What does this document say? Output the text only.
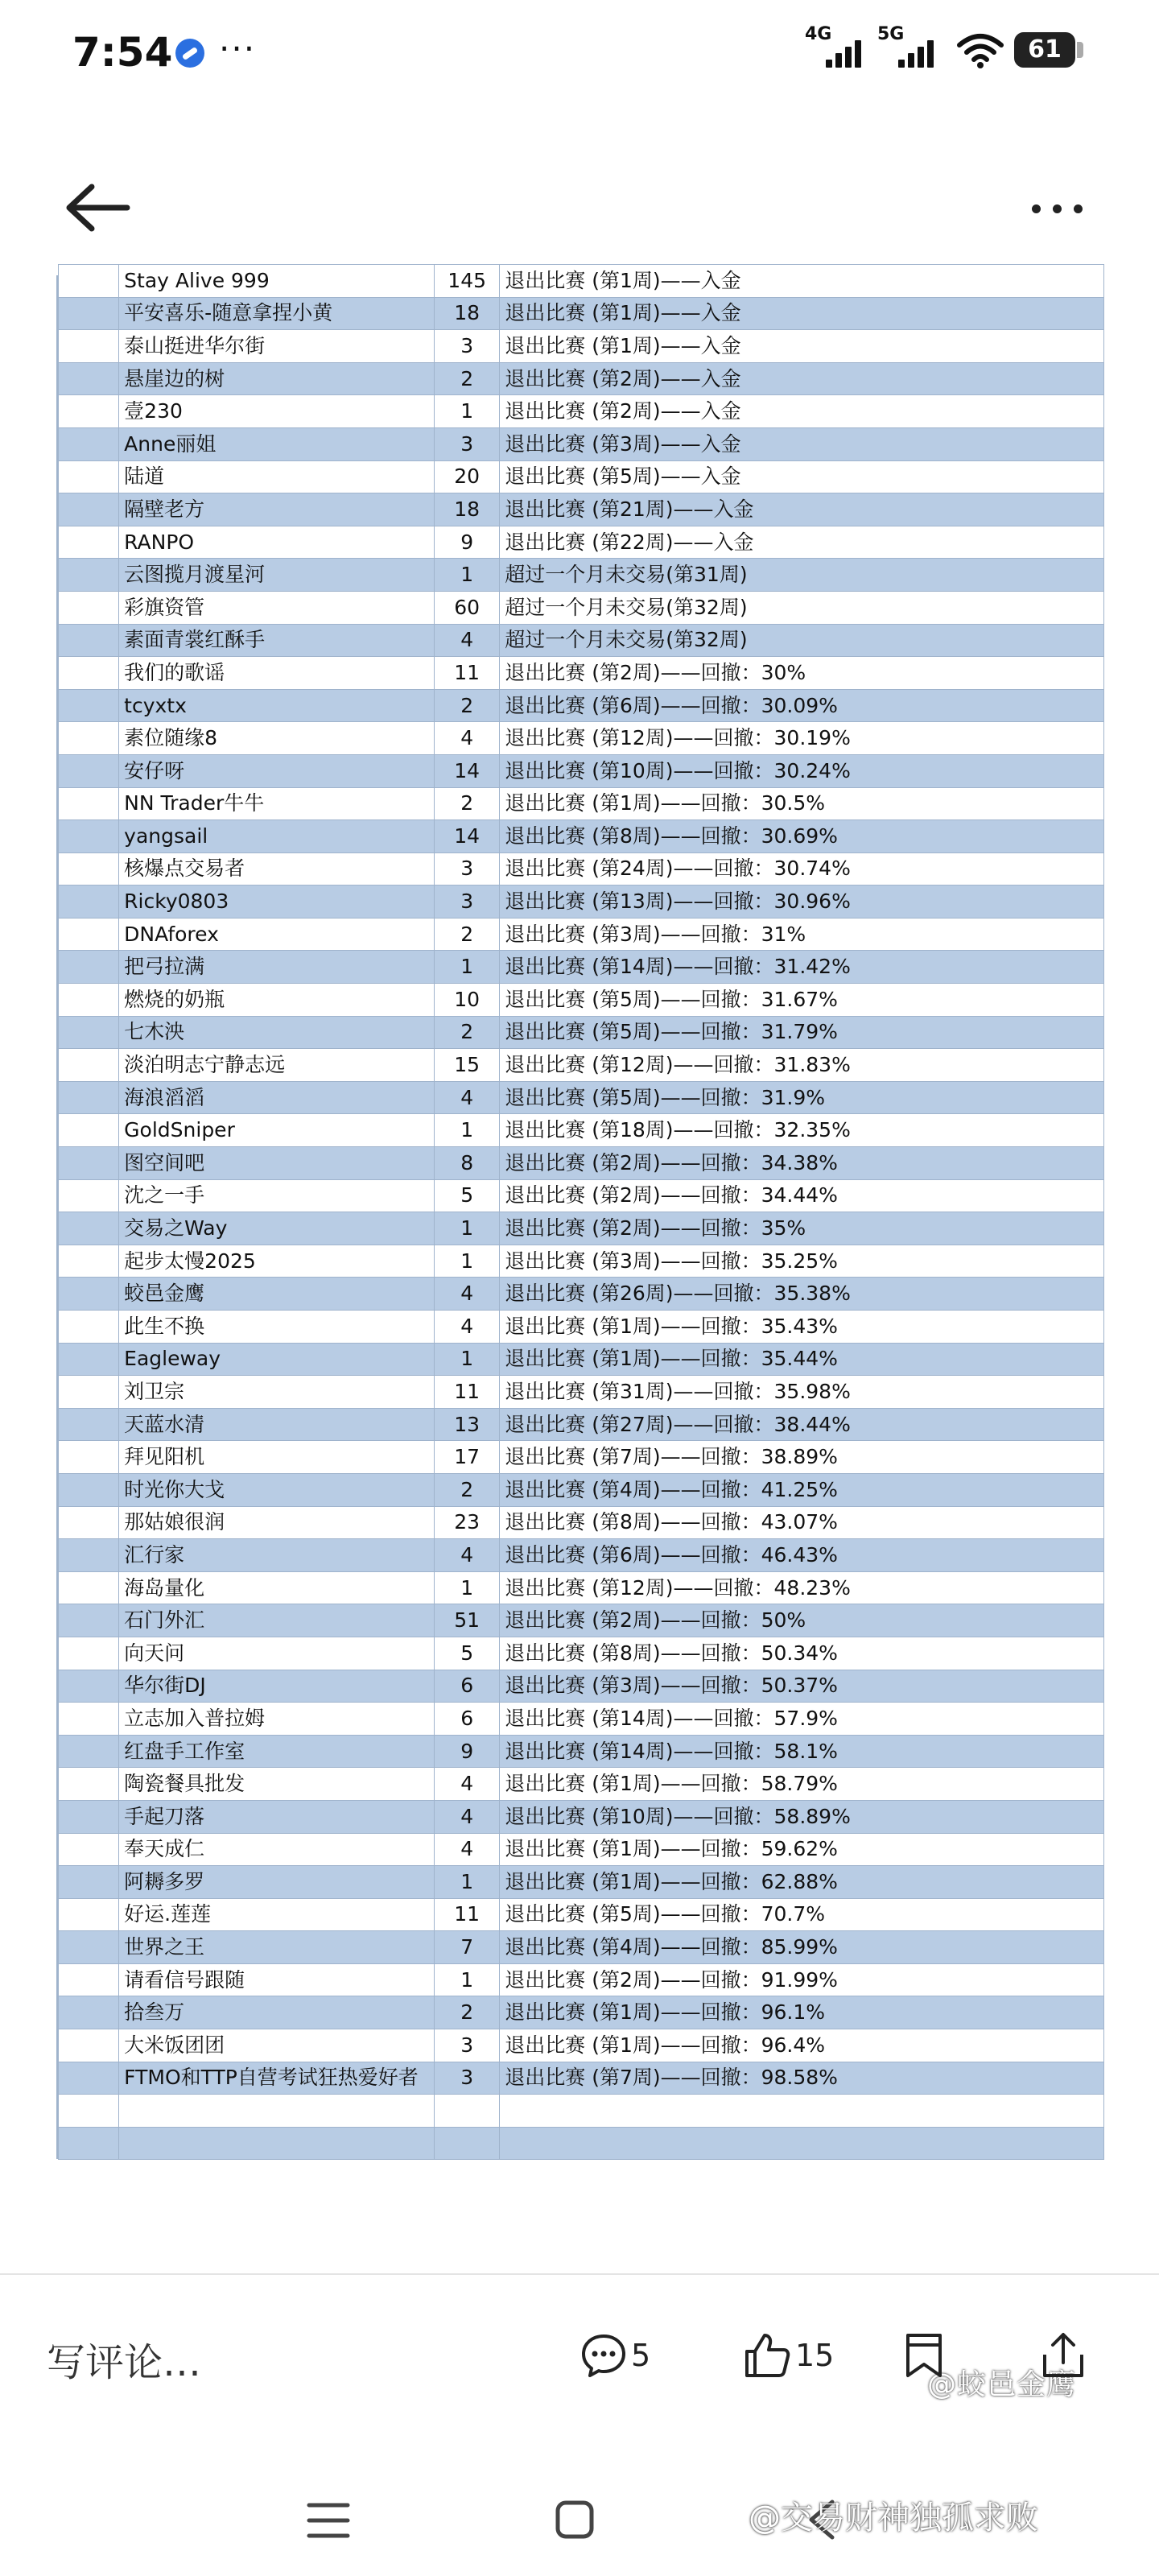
7:54 ···	4G	5G
61
	Stay Alive 999	145	退出比赛 (第1周)——入金
	平安喜乐-随意拿捏小黄	18	退出比赛 (第1周)——入金
	泰山挺进华尔街	3	退出比赛 (第1周)——入金
	悬崖边的树	2	退出比赛 (第2周)——入金
	壹230	1	退出比赛 (第2周)——入金
	Anne丽姐	3	退出比赛 (第3周)——入金
	陆道	20	退出比赛 (第5周)——入金
	隔壁老方	18	退出比赛 (第21周)——入金
	RANPO	9	退出比赛 (第22周)——入金
	云图揽月渡星河	1	超过一个月未交易(第31周)
	彩旗资管	60	超过一个月未交易(第32周)
	素面青裳红酥手	4	超过一个月未交易(第32周)
	我们的歌谣	11	退出比赛 (第2周)——回撤：30%
	tcyxtx	2	退出比赛 (第6周)——回撤：30.09%
	素位随缘8	4	退出比赛 (第12周)——回撤：30.19%
	安仔呀	14	退出比赛 (第10周)——回撤：30.24%
	NN Trader牛牛	2	退出比赛 (第1周)——回撤：30.5%
	yangsail	14	退出比赛 (第8周)——回撤：30.69%
	核爆点交易者	3	退出比赛 (第24周)——回撤：30.74%
	Ricky0803	3	退出比赛 (第13周)——回撤：30.96%
	DNAforex	2	退出比赛 (第3周)——回撤：31%
	把弓拉满	1	退出比赛 (第14周)——回撤：31.42%
	燃烧的奶瓶	10	退出比赛 (第5周)——回撤：31.67%
	七木泱	2	退出比赛 (第5周)——回撤：31.79%
	淡泊明志宁静志远	15	退出比赛 (第12周)——回撤：31.83%
	海浪滔滔	4	退出比赛 (第5周)——回撤：31.9%
	GoldSniper	1	退出比赛 (第18周)——回撤：32.35%
	图空间吧	8	退出比赛 (第2周)——回撤：34.38%
	沈之一手	5	退出比赛 (第2周)——回撤：34.44%
	交易之Way	1	退出比赛 (第2周)——回撤：35%
	起步太慢2025	1	退出比赛 (第3周)——回撤：35.25%
	蛟邑金鹰	4	退出比赛 (第26周)——回撤：35.38%
	此生不换	4	退出比赛 (第1周)——回撤：35.43%
	Eagleway	1	退出比赛 (第1周)——回撤：35.44%
	刘卫宗	11	退出比赛 (第31周)——回撤：35.98%
	天蓝水清	13	退出比赛 (第27周)——回撤：38.44%
	拜见阳机	17	退出比赛 (第7周)——回撤：38.89%
	时光你大戈	2	退出比赛 (第4周)——回撤：41.25%
	那姑娘很润	23	退出比赛 (第8周)——回撤：43.07%
	汇行家	4	退出比赛 (第6周)——回撤：46.43%
	海岛量化	1	退出比赛 (第12周)——回撤：48.23%
	石门外汇	51	退出比赛 (第2周)——回撤：50%
	向天问	5	退出比赛 (第8周)——回撤：50.34%
	华尔街DJ	6	退出比赛 (第3周)——回撤：50.37%
	立志加入普拉姆	6	退出比赛 (第14周)——回撤：57.9%
	红盘手工作室	9	退出比赛 (第14周)——回撤：58.1%
	陶瓷餐具批发	4	退出比赛 (第1周)——回撤：58.79%
	手起刀落	4	退出比赛 (第10周)——回撤：58.89%
	奉天成仁	4	退出比赛 (第1周)——回撤：59.62%
	阿耨多罗	1	退出比赛 (第1周)——回撤：62.88%
	好运.莲莲	11	退出比赛 (第5周)——回撤：70.7%
	世界之王	7	退出比赛 (第4周)——回撤：85.99%
	请看信号跟随	1	退出比赛 (第2周)——回撤：91.99%
	拾叁万	2	退出比赛 (第1周)——回撤：96.1%
	大米饭团团	3	退出比赛 (第1周)——回撤：96.4%
	FTMO和TTP自营考试狂热爱好者	3	退出比赛 (第7周)——回撤：98.58%

@蛟邑金鹰
写评论…	5	15
@交易财神独孤求败
